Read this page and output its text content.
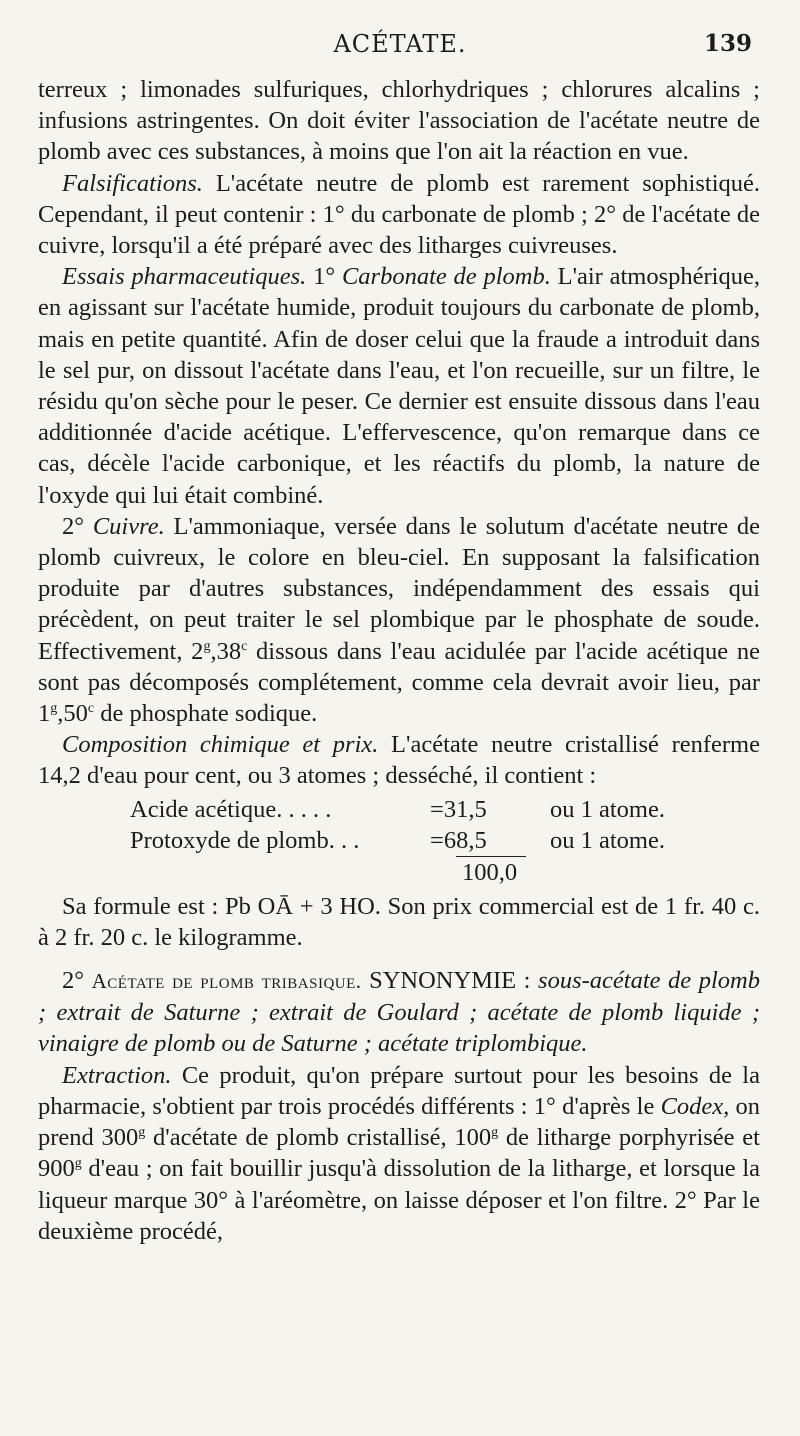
ACÉTATE.	139

terreux ; limonades sulfuriques, chlorhydriques ; chlorures alcalins ; infusions astringentes. On doit éviter l'association de l'acétate neutre de plomb avec ces substances, à moins que l'on ait la réaction en vue.

Falsifications. L'acétate neutre de plomb est rarement sophistiqué. Cependant, il peut contenir : 1° du carbonate de plomb ; 2° de l'acétate de cuivre, lorsqu'il a été préparé avec des litharges cuivreuses.

Essais pharmaceutiques. 1° Carbonate de plomb. L'air atmosphérique, en agissant sur l'acétate humide, produit toujours du carbonate de plomb, mais en petite quantité. Afin de doser celui que la fraude a introduit dans le sel pur, on dissout l'acétate dans l'eau, et l'on recueille, sur un filtre, le résidu qu'on sèche pour le peser. Ce dernier est ensuite dissous dans l'eau additionnée d'acide acétique. L'effervescence, qu'on remarque dans ce cas, décèle l'acide carbonique, et les réactifs du plomb, la nature de l'oxyde qui lui était combiné.

2° Cuivre. L'ammoniaque, versée dans le solutum d'acétate neutre de plomb cuivreux, le colore en bleu-ciel. En supposant la falsification produite par d'autres substances, indépendamment des essais qui précèdent, on peut traiter le sel plombique par le phosphate de soude. Effectivement, 2$^g$,38$^c$ dissous dans l'eau acidulée par l'acide acétique ne sont pas décomposés complétement, comme cela devrait avoir lieu, par 1$^g$,50$^c$ de phosphate sodique.

Composition chimique et prix. L'acétate neutre cristallisé renferme 14,2 d'eau pour cent, ou 3 atomes ; desséché, il contient :

Acide acétique. . . . .	=31,5	ou 1 atome.
Protoxyde de plomb. . .	=68,5	ou 1 atome.
100,0

Sa formule est : Pb OĀ + 3 HO. Son prix commercial est de 1 fr. 40 c. à 2 fr. 20 c. le kilogramme.

2° Acétate de plomb tribasique. SYNONYMIE : sous-acétate de plomb ; extrait de Saturne ; extrait de Goulard ; acétate de plomb liquide ; vinaigre de plomb ou de Saturne ; acétate triplombique.

Extraction. Ce produit, qu'on prépare surtout pour les besoins de la pharmacie, s'obtient par trois procédés différents : 1° d'après le Codex, on prend 300$^g$ d'acétate de plomb cristallisé, 100$^g$ de litharge porphyrisée et 900$^g$ d'eau ; on fait bouillir jusqu'à dissolution de la litharge, et lorsque la liqueur marque 30° à l'aréomètre, on laisse déposer et l'on filtre. 2° Par le deuxième procédé,
